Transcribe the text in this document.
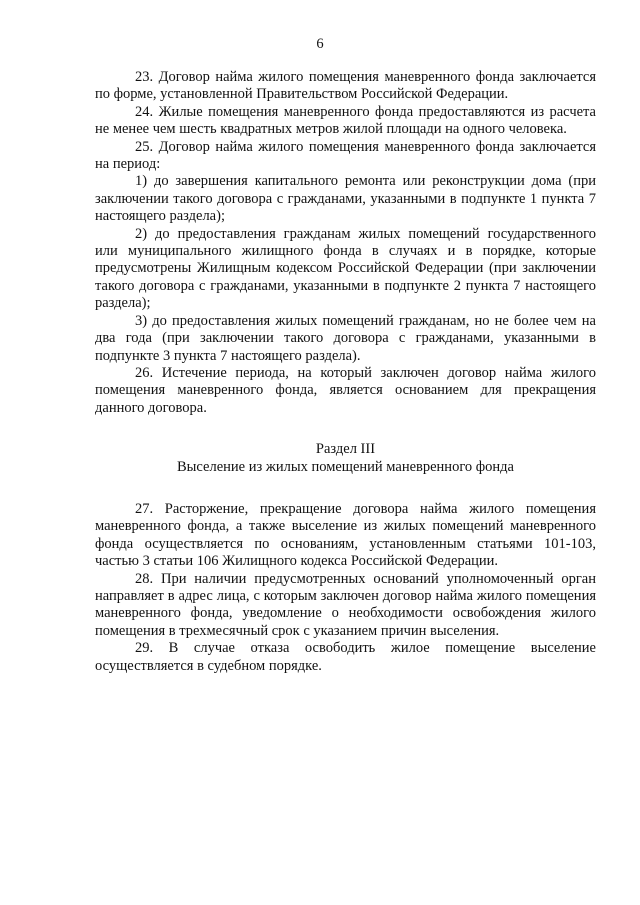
6

23. Договор найма жилого помещения маневренного фонда заключается по форме, установленной Правительством Российской Федерации.

24. Жилые помещения маневренного фонда предоставляются из расчета не менее чем шесть квадратных метров жилой площади на одного человека.

25. Договор найма жилого помещения маневренного фонда заключается на период:

1) до завершения капитального ремонта или реконструкции дома (при заключении такого договора с гражданами, указанными в подпункте 1 пункта 7 настоящего раздела);

2) до предоставления гражданам жилых помещений государственного или муниципального жилищного фонда в случаях и в порядке, которые предусмотрены Жилищным кодексом Российской Федерации (при заключении такого договора с гражданами, указанными в подпункте 2 пункта 7 настоящего раздела);

3) до предоставления жилых помещений гражданам, но не более чем на два года (при заключении такого договора с гражданами, указанными в подпункте 3 пункта 7 настоящего раздела).

26. Истечение периода, на который заключен договор найма жилого помещения маневренного фонда, является основанием для прекращения данного договора.

Раздел III

Выселение из жилых помещений маневренного фонда

27. Расторжение, прекращение договора найма жилого помещения маневренного фонда, а также выселение из жилых помещений маневренного фонда осуществляется по основаниям, установленным статьями 101-103, частью 3 статьи 106 Жилищного кодекса Российской Федерации.

28. При наличии предусмотренных оснований уполномоченный орган направляет в адрес лица, с которым заключен договор найма жилого помещения маневренного фонда, уведомление о необходимости освобождения жилого помещения в трехмесячный срок с указанием причин выселения.

29. В случае отказа освободить жилое помещение выселение осуществляется в судебном порядке.
